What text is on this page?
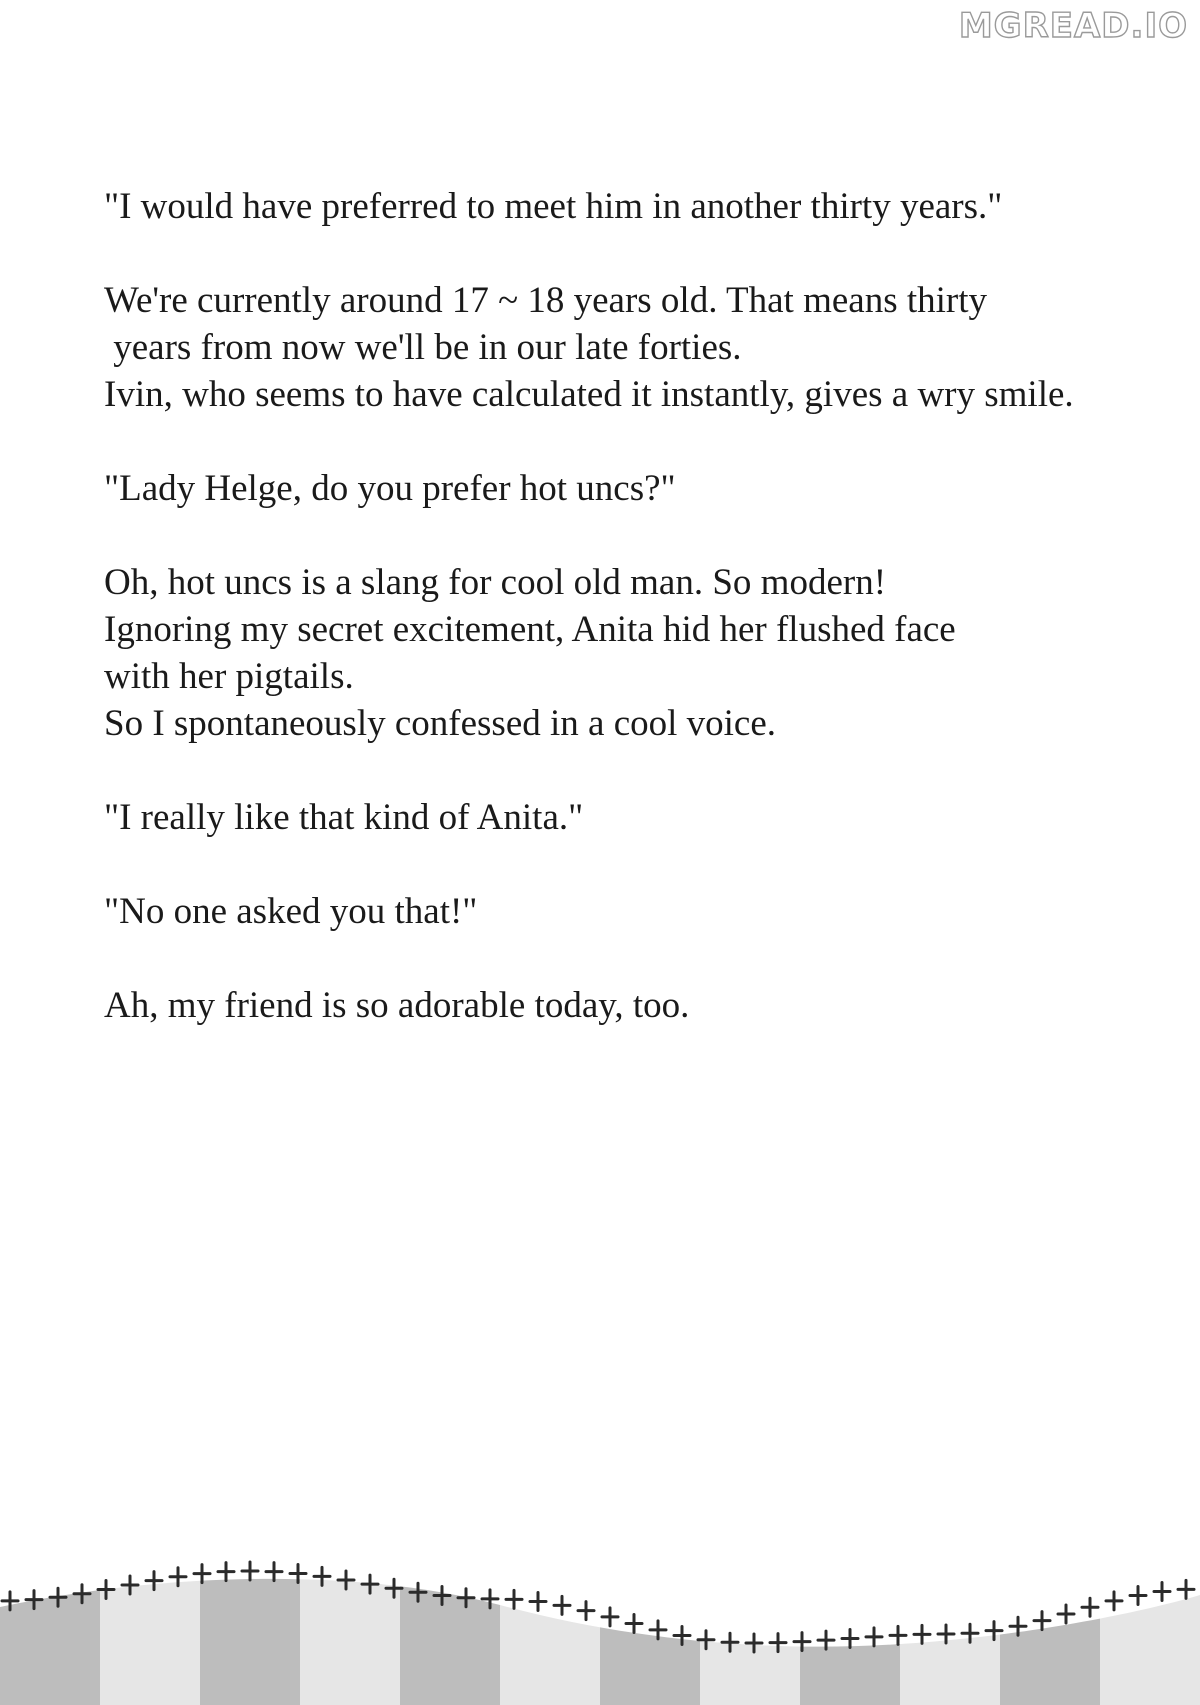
MGREAD.IO
"I would have preferred to meet him in another thirty years."
We're currently around 17 ~ 18 years old. That means thirty
years from now we'll be in our late forties.
Ivin, who seems to have calculated it instantly, gives a wry smile.
"Lady Helge, do you prefer hot uncs?"
Oh, hot uncs is a slang for cool old man. So modern!
Ignoring my secret excitement, Anita hid her flushed face
with her pigtails.
So I spontaneously confessed in a cool voice.
"I really like that kind of Anita."
"No one asked you that!"
Ah, my friend is so adorable today, too.
